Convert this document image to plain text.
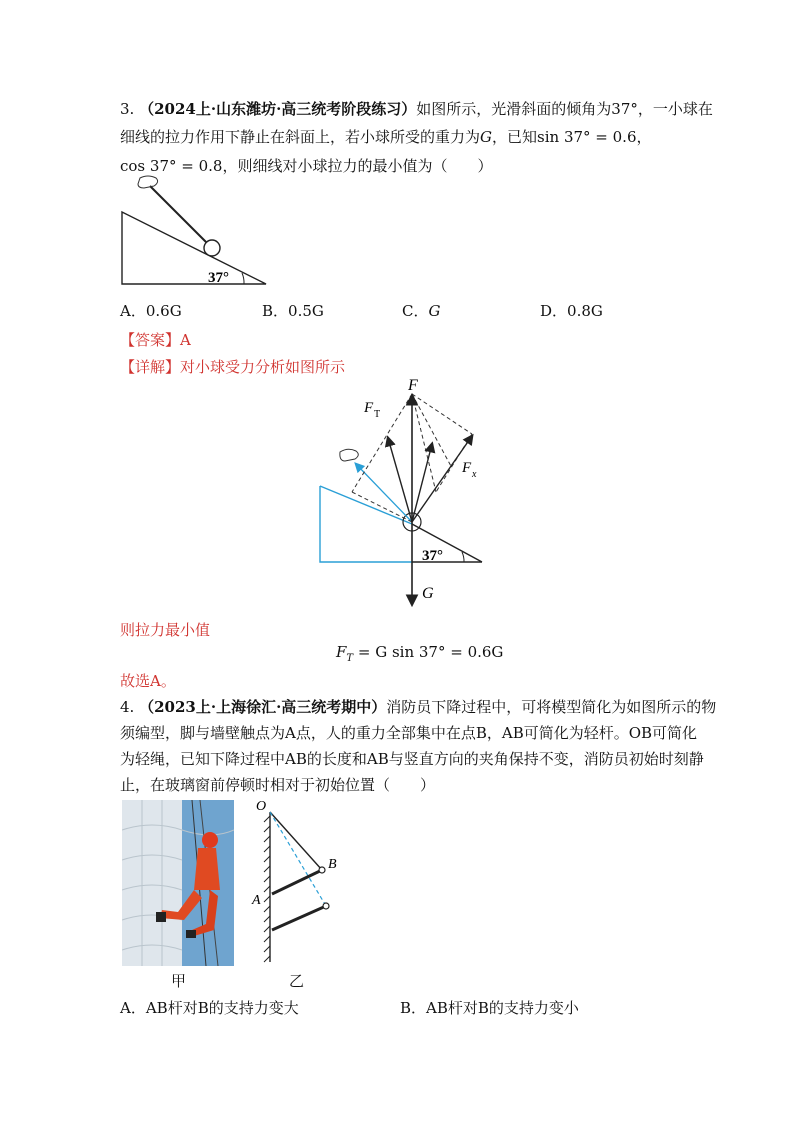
3. （2024上·山东潍坊·高三统考阶段练习）如图所示，光滑斜面的倾角为37°，一小球在
细线的拉力作用下静止在斜面上，若小球所受的重力为G，已知sin 37° = 0.6，
cos 37° = 0.8，则细线对小球拉力的最小值为（　　）
37°
A．0.6G	B．0.5G	C．G	D．0.8G
【答案】A
【详解】对小球受力分析如图所示
37°
F
F T
F x
G
则拉力最小值
$F_T = G$ sin 37° = 0.6G
故选A。
4. （2023上·上海徐汇·高三统考期中）消防员下降过程中，可将模型简化为如图所示的物
须编型，脚与墙壁触点为A点，人的重力全部集中在点B，AB可简化为轻杆。OB可简化
为轻绳，已知下降过程中AB的长度和AB与竖直方向的夹角保持不变，消防员初始时刻静
止，在玻璃窗前停顿时相对于初始位置（　　）
甲
O
A
B
乙
A．AB杆对B的支持力变大	B．AB杆对B的支持力变小
